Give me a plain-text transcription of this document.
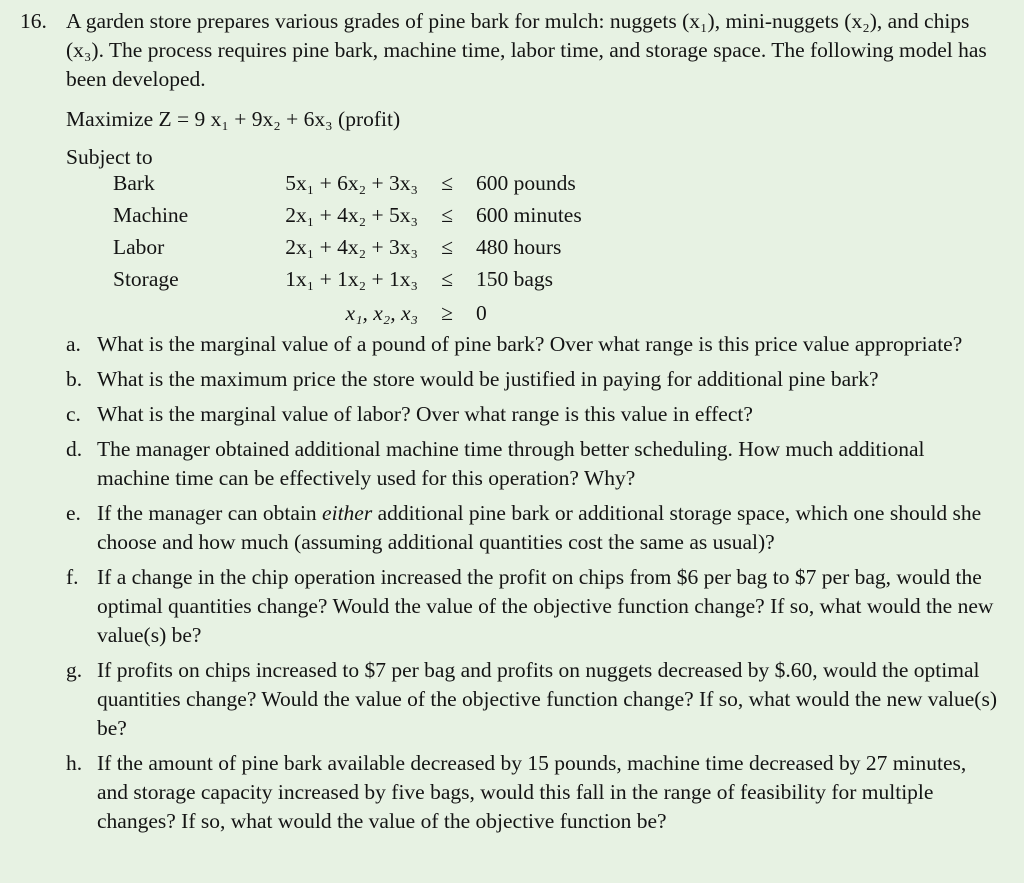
16. A garden store prepares various grades of pine bark for mulch: nuggets (x₁), mini-nuggets (x₂), and chips (x₃). The process requires pine bark, machine time, labor time, and storage space. The following model has been developed.

Maximize Z = 9 x₁ + 9x₂ + 6x₃ (profit)
Subject to
Bark	5x₁ + 6x₂ + 3x₃ ≤ 600 pounds
Machine	2x₁ + 4x₂ + 5x₃ ≤ 600 minutes
Labor	2x₁ + 4x₂ + 3x₃ ≤ 480 hours
Storage	1x₁ + 1x₂ + 1x₃ ≤ 150 bags
x₁, x₂, x₃ ≥ 0
a. What is the marginal value of a pound of pine bark? Over what range is this price value appropriate?
b. What is the maximum price the store would be justified in paying for additional pine bark?
c. What is the marginal value of labor? Over what range is this value in effect?
d. The manager obtained additional machine time through better scheduling. How much additional machine time can be effectively used for this operation? Why?
e. If the manager can obtain either additional pine bark or additional storage space, which one should she choose and how much (assuming additional quantities cost the same as usual)?
f. If a change in the chip operation increased the profit on chips from $6 per bag to $7 per bag, would the optimal quantities change? Would the value of the objective function change? If so, what would the new value(s) be?
g. If profits on chips increased to $7 per bag and profits on nuggets decreased by $.60, would the optimal quantities change? Would the value of the objective function change? If so, what would the new value(s) be?
h. If the amount of pine bark available decreased by 15 pounds, machine time decreased by 27 minutes, and storage capacity increased by five bags, would this fall in the range of feasibility for multiple changes? If so, what would the value of the objective function be?
